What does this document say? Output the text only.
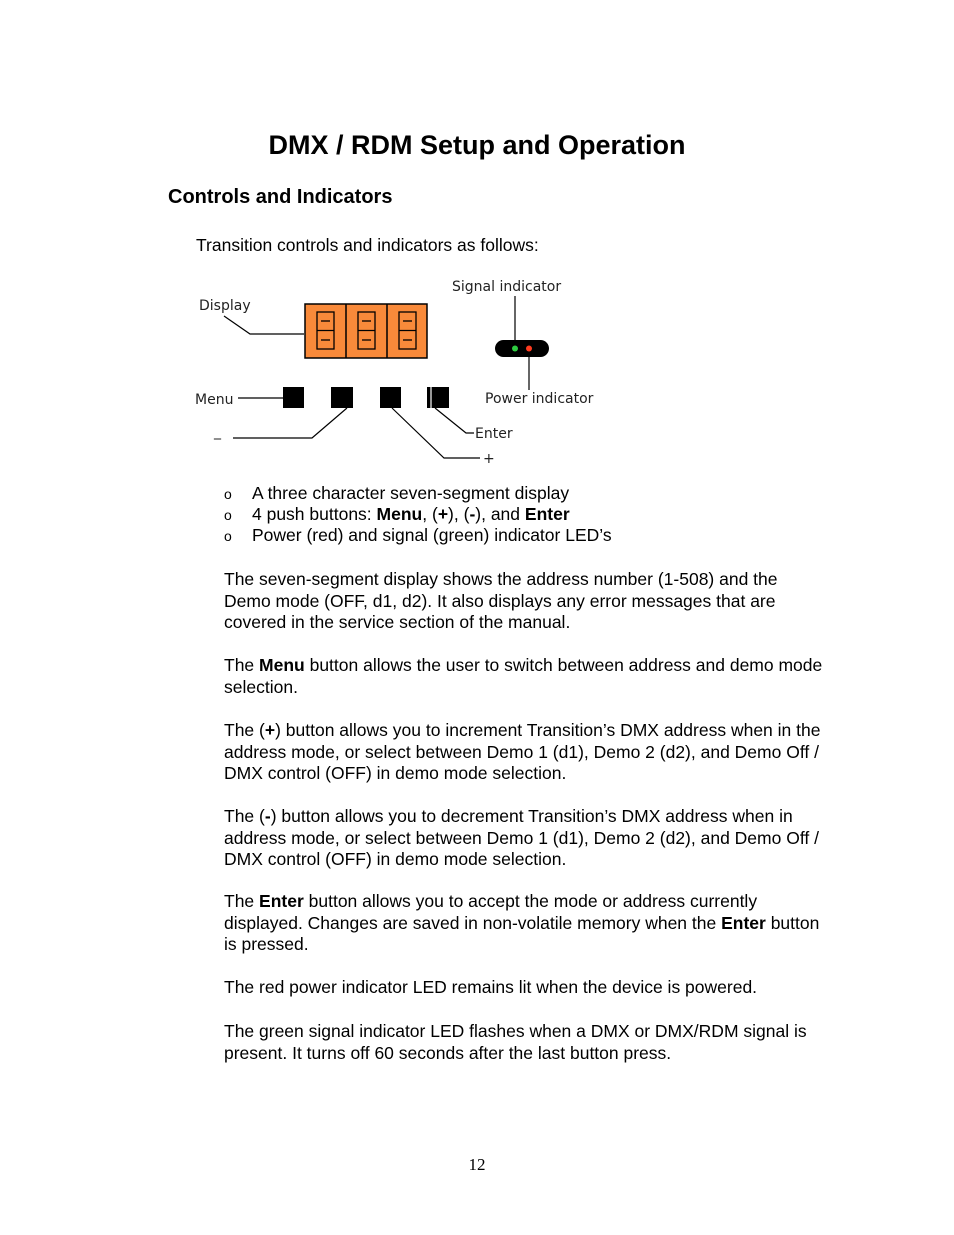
DMX / RDM Setup and Operation
Controls and Indicators

Transition controls and indicators as follows:

Display
Signal indicator
Power indicator
Menu
_
+
Enter
o A three character seven-segment display
o 4 push buttons: Menu, (+), (-), and Enter
o Power (red) and signal (green) indicator LED’s

The seven-segment display shows the address number (1-508) and the Demo mode (OFF, d1, d2). It also displays any error messages that are covered in the service section of the manual.

The Menu button allows the user to switch between address and demo mode selection.

The (+) button allows you to increment Transition’s DMX address when in the address mode, or select between Demo 1 (d1), Demo 2 (d2), and Demo Off / DMX control (OFF) in demo mode selection.

The (-) button allows you to decrement Transition’s DMX address when in address mode, or select between Demo 1 (d1), Demo 2 (d2), and Demo Off / DMX control (OFF) in demo mode selection.

The Enter button allows you to accept the mode or address currently displayed. Changes are saved in non-volatile memory when the Enter button is pressed.

The red power indicator LED remains lit when the device is powered.

The green signal indicator LED flashes when a DMX or DMX/RDM signal is present. It turns off 60 seconds after the last button press.

12
